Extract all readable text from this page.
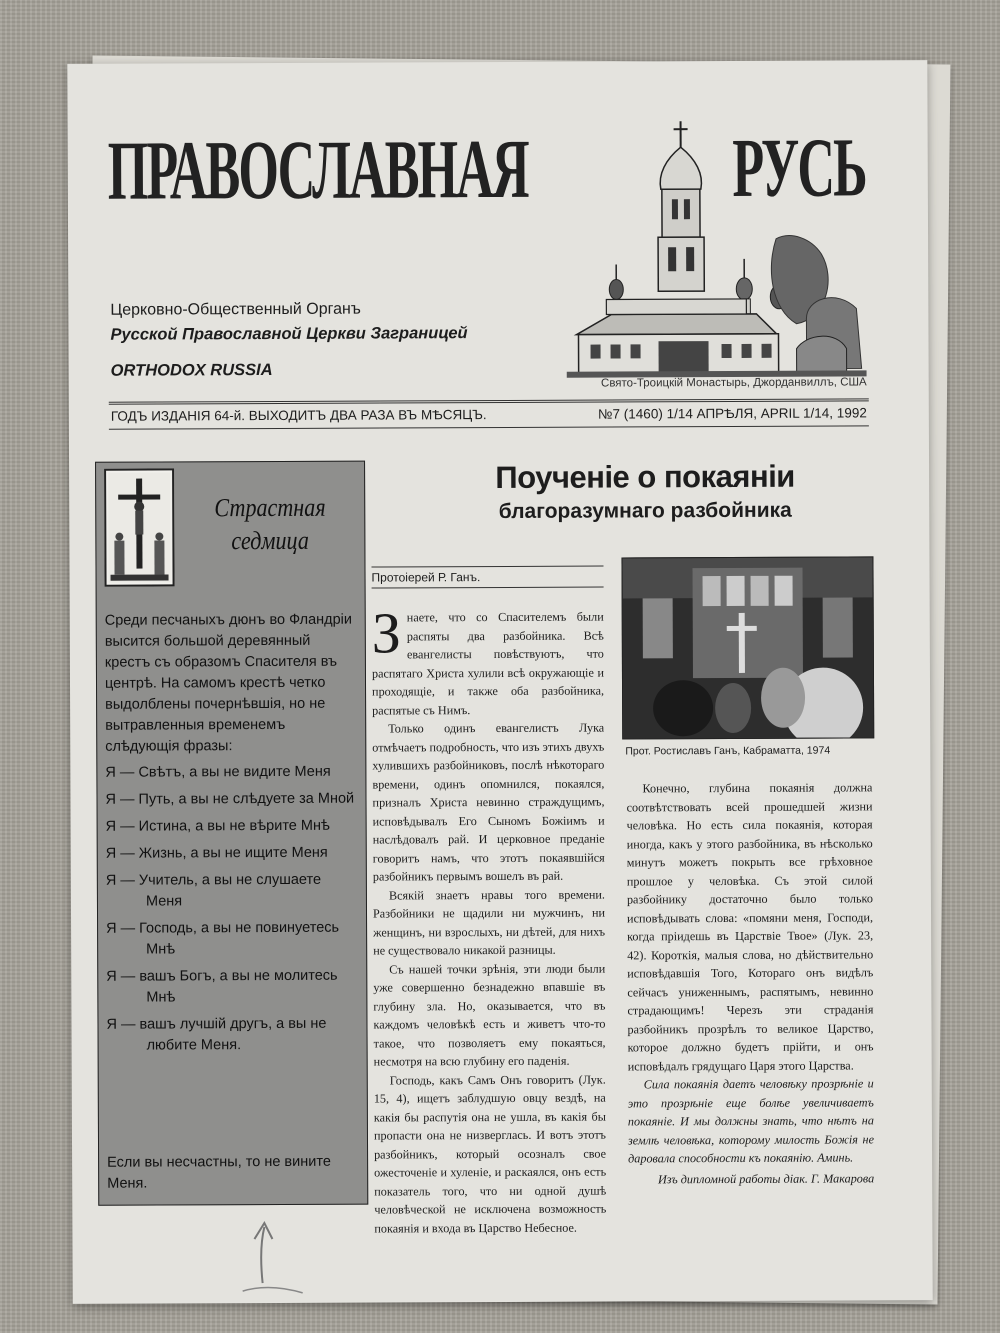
ПРАВОСЛАВНАЯ РУСЬ
Свято-Троицкій Монастырь, Джорданвиллъ, США
Церковно-Общественный Органъ
Русской Православной Церкви Заграницей
ORTHODOX RUSSIA
ГОДЪ ИЗДАНІЯ 64-й. ВЫХОДИТЪ ДВА РАЗА ВЪ МѢСЯЦЪ.	№7 (1460) 1/14 АПРѢЛЯ, APRIL 1/14, 1992
Страстная седмица
Среди песчаныхъ дюнъ во Фландріи высится большой деревянный крестъ съ образомъ Спасителя въ центрѣ. На самомъ крестѣ четко выдолблены почернѣвшія, но не вытравленныя временемъ слѣдующія фразы:
Я — Свѣтъ, а вы не видите Меня
Я — Путь, а вы не слѣдуете за Мной
Я — Истина, а вы не вѣрите Мнѣ
Я — Жизнь, а вы не ищите Меня
Я — Учитель, а вы не слушаете Меня
Я — Господь, а вы не повинуетесь Мнѣ
Я — вашъ Богъ, а вы не молитесь Мнѣ
Я — вашъ лучшій другъ, а вы не любите Меня.
Если вы несчастны, то не вините Меня.
Поученіе о покаяніи
благоразумнаго разбойника
Протоіерей Р. Ганъ.

Знаете, что со Спасителемъ были распяты два разбойника. Всѣ евангелисты повѣствуютъ, что распятаго Христа хулили всѣ окружающіе и проходящіе, и также оба разбойника, распятые съ Нимъ.

Только одинъ евангелистъ Лука отмѣчаетъ подробность, что изъ этихъ двухъ хулившихъ разбойниковъ, послѣ нѣкотораго времени, одинъ опомнился, покаялся, призналъ Христа невинно страждущимъ, исповѣдывалъ Его Сыномъ Божіимъ и наслѣдовалъ рай. И церковное преданіе говоритъ намъ, что этотъ покаявшійся разбойникъ первымъ вошелъ въ рай.

Всякій знаетъ нравы того времени. Разбойники не щадили ни мужчинъ, ни женщинъ, ни взрослыхъ, ни дѣтей, для нихъ не существовало никакой разницы.

Съ нашей точки зрѣнія, эти люди были уже совершенно безнадежно впавшіе въ глубину зла. Но, оказывается, что въ каждомъ человѣкѣ есть и живетъ что-то такое, что позволяетъ ему покаяться, несмотря на всю глубину его паденія.

Господь, какъ Самъ Онъ говоритъ (Лук. 15, 4), ищетъ заблудшую овцу вездѣ, на какія бы распутія она не ушла, въ какія бы пропасти она не низверглась. И вотъ этотъ разбойникъ, который осозналъ свое ожесточеніе и хуленіе, и раскаялся, онъ есть показатель того, что ни одной душѣ человѣческой не исключена возможность покаянія и входа въ Царство Небесное.

Прот. Ростиславъ Ганъ, Кабраматта, 1974

Конечно, глубина покаянія должна соотвѣтствовать всей прошедшей жизни человѣка. Но есть сила покаянія, которая иногда, какъ у этого разбойника, въ нѣсколько минутъ можетъ покрыть все грѣховное прошлое у человѣка. Съ этой силой разбойнику достаточно было только исповѣдывать слова: «помяни меня, Господи, когда пріидешь въ Царствіе Твое» (Лук. 23, 42). Короткія, малыя слова, но дѣйствительно исповѣдавшія Того, Котораго онъ видѣлъ сейчасъ униженнымъ, распятымъ, невинно страдающимъ! Черезъ эти страданія разбойникъ прозрѣлъ то великое Царство, которое должно будетъ прійти, и онъ исповѣдалъ грядущаго Царя этого Царства.

Сила покаянія даетъ человѣку прозрѣніе и это прозрѣніе еще болѣе увеличиваетъ покаяніе. И мы должны знать, что нѣтъ на землѣ человѣка, которому милость Божія не даровала способности къ покаянію. Аминь.

Изъ дипломной работы діак. Г. Макарова
